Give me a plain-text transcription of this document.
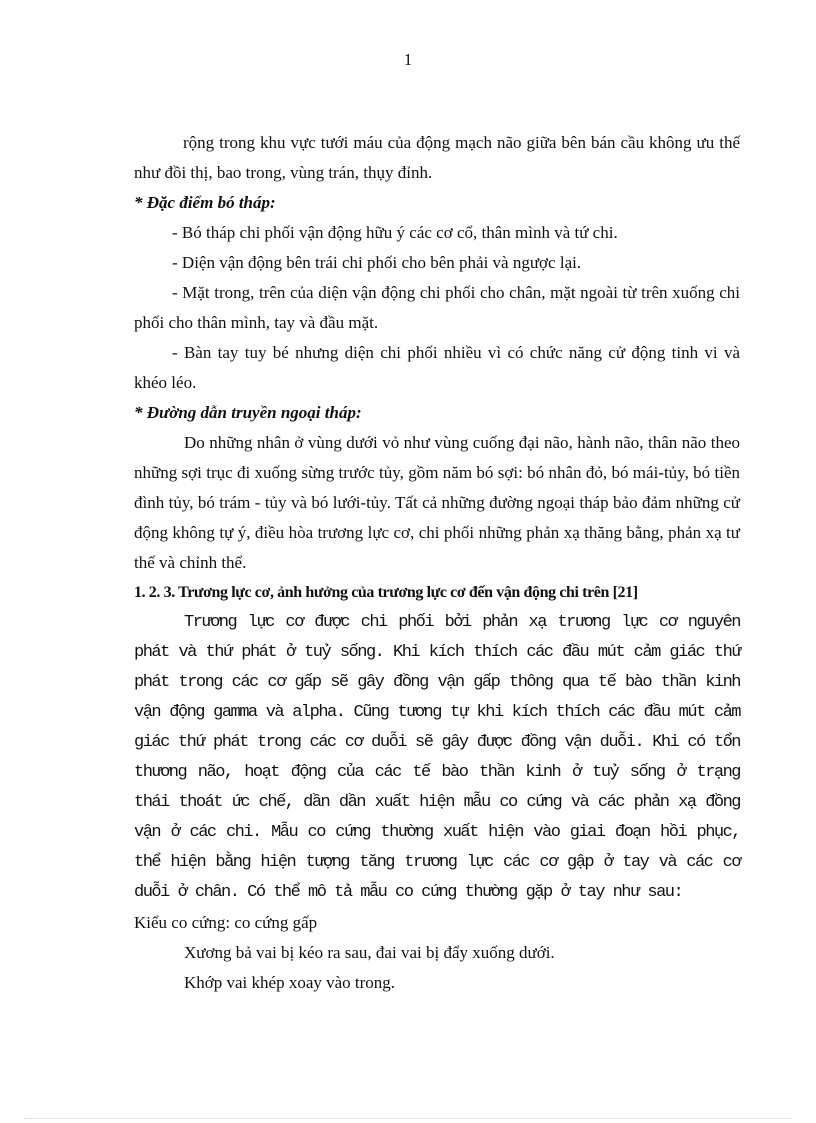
1

rộng trong khu vực tưới máu của động mạch não giữa bên bán cầu không ưu thế như đồi thị, bao trong, vùng trán, thụy đỉnh.

* Đặc điểm bó tháp:

- Bó tháp chi phối vận động hữu ý các cơ cổ, thân mình và tứ chi.

- Diện vận động bên trái chi phối cho bên phải và ngược lại.

- Mặt trong, trên của diện vận động chi phối cho chân, mặt ngoài từ trên xuống chi phối cho thân mình, tay và đầu mặt.

- Bàn tay tuy bé nhưng diện chi phối nhiều vì có chức năng cử động tinh vi và khéo léo.

* Đường dẫn truyền ngoại tháp:

Do những nhân ở vùng dưới vỏ như vùng cuống đại não, hành não, thân não theo những sợi trục đi xuống sừng trước tủy, gồm năm bó sợi: bó nhân đỏ, bó mái-tủy, bó tiền đình tủy, bó trám - tủy và bó lưới-tủy. Tất cả những đường ngoại tháp bảo đảm những cử động không tự ý, điều hòa trương lực cơ, chi phối những phản xạ thăng bằng, phản xạ tư thế và chỉnh thể.

1. 2. 3. Trương lực cơ, ảnh hưởng của trương lực cơ đến vận động chi trên [21]

Trương lực cơ được chi phối bởi phản xạ trương lực cơ nguyên phát và thứ phát ở tuỷ sống. Khi kích thích các đầu mút cảm giác thứ phát trong các cơ gấp sẽ gây đồng vận gấp thông qua tế bào thần kinh vận động gamma và alpha. Cũng tương tự khi kích thích các đầu mút cảm giác thứ phát trong các cơ duỗi sẽ gây được đồng vận duỗi. Khi có tổn thương não, hoạt động của các tế bào thần kinh ở tuỷ sống ở trạng thái thoát ức chế, dần dần xuất hiện mẫu co cứng và các phản xạ đồng vận ở các chi. Mẫu co cứng thường xuất hiện vào giai đoạn hồi phục, thể hiện bằng hiện tượng tăng trương lực các cơ gập ở tay và các cơ duỗi ở chân. Có thể mô tả mẫu co cứng thường gặp ở tay như sau:

Kiểu co cứng: co cứng gấp

Xương bả vai bị kéo ra sau, đai vai bị đẩy xuống dưới.

Khớp vai khép xoay vào trong.
